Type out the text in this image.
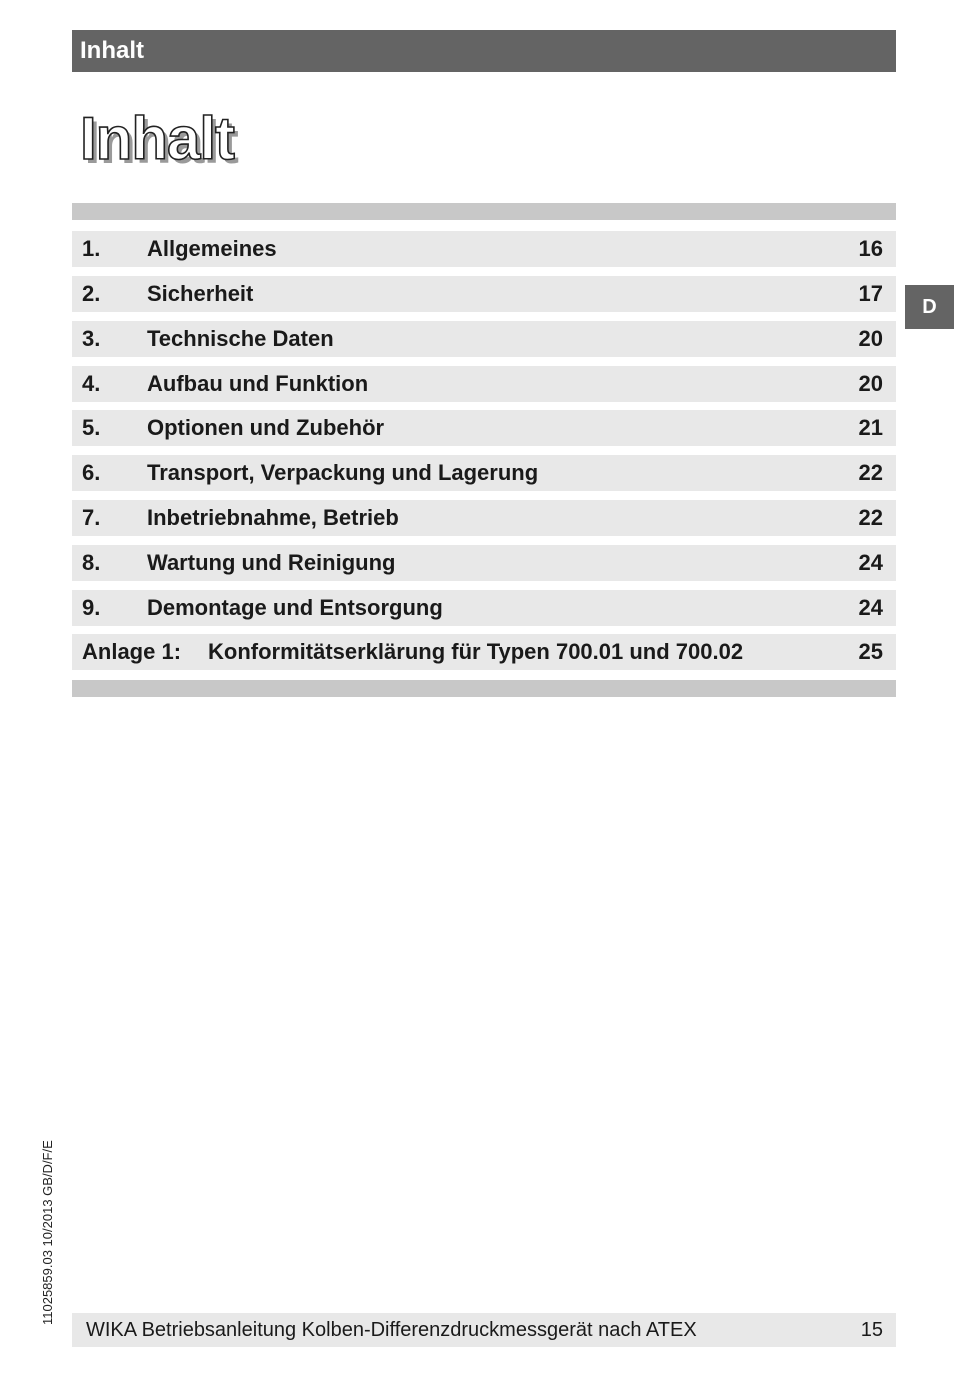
Inhalt
Inhalt
1. Allgemeines	16
2. Sicherheit	17
3. Technische Daten	20
4. Aufbau und Funktion	20
5. Optionen und Zubehör	21
6. Transport, Verpackung und Lagerung	22
7. Inbetriebnahme, Betrieb	22
8. Wartung und Reinigung	24
9. Demontage und Entsorgung	24
Anlage 1: Konformitätserklärung für Typen 700.01 und 700.02	25
D
11025859.03 10/2013 GB/D/F/E
WIKA Betriebsanleitung Kolben-Differenzdruckmessgerät nach ATEX	15
